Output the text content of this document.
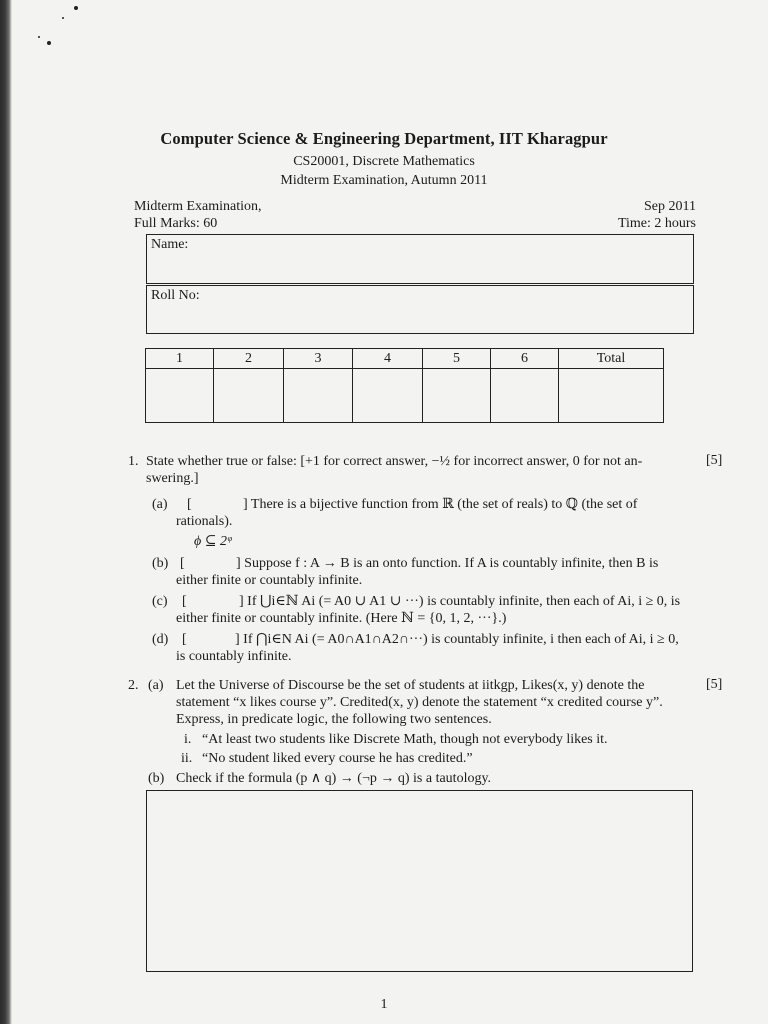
Computer Science & Engineering Department, IIT Kharagpur
CS20001, Discrete Mathematics
Midterm Examination, Autumn 2011
Midterm Examination,
Full Marks: 60
Sep 2011
Time: 2 hours
Name:
Roll No:
1	2	3	4	5	6	Total

1. State whether true or false: [+1 for correct answer, −½ for incorrect answer, 0 for not an-
swering.]
[5]
(a) [	] There is a bijective function from ℝ (the set of reals) to ℚ (the set of
rationals).
ϕ ⊆ 2ᵠ
(b) [	] Suppose f : A → B is an onto function. If A is countably infinite, then B is
either finite or countably infinite.
(c) [	] If ⋃i∈ℕ Ai (= A0 ∪ A1 ∪ ···) is countably infinite, then each of Ai, i ≥ 0, is
either finite or countably infinite. (Here ℕ = {0, 1, 2, ···}.)
(d) [	] If ⋂i∈N Ai (= A0∩A1∩A2∩···) is countably infinite, i then each of Ai, i ≥ 0,
is countably infinite.
2.	[5]
(a) Let the Universe of Discourse be the set of students at iitkgp, Likes(x, y) denote the
statement “x likes course y”. Credited(x, y) denote the statement “x credited course y”.
Express, in predicate logic, the following two sentences.
i. “At least two students like Discrete Math, though not everybody likes it.
ii. “No student liked every course he has credited.”
(b) Check if the formula (p ∧ q) → (¬p → q) is a tautology.
1
